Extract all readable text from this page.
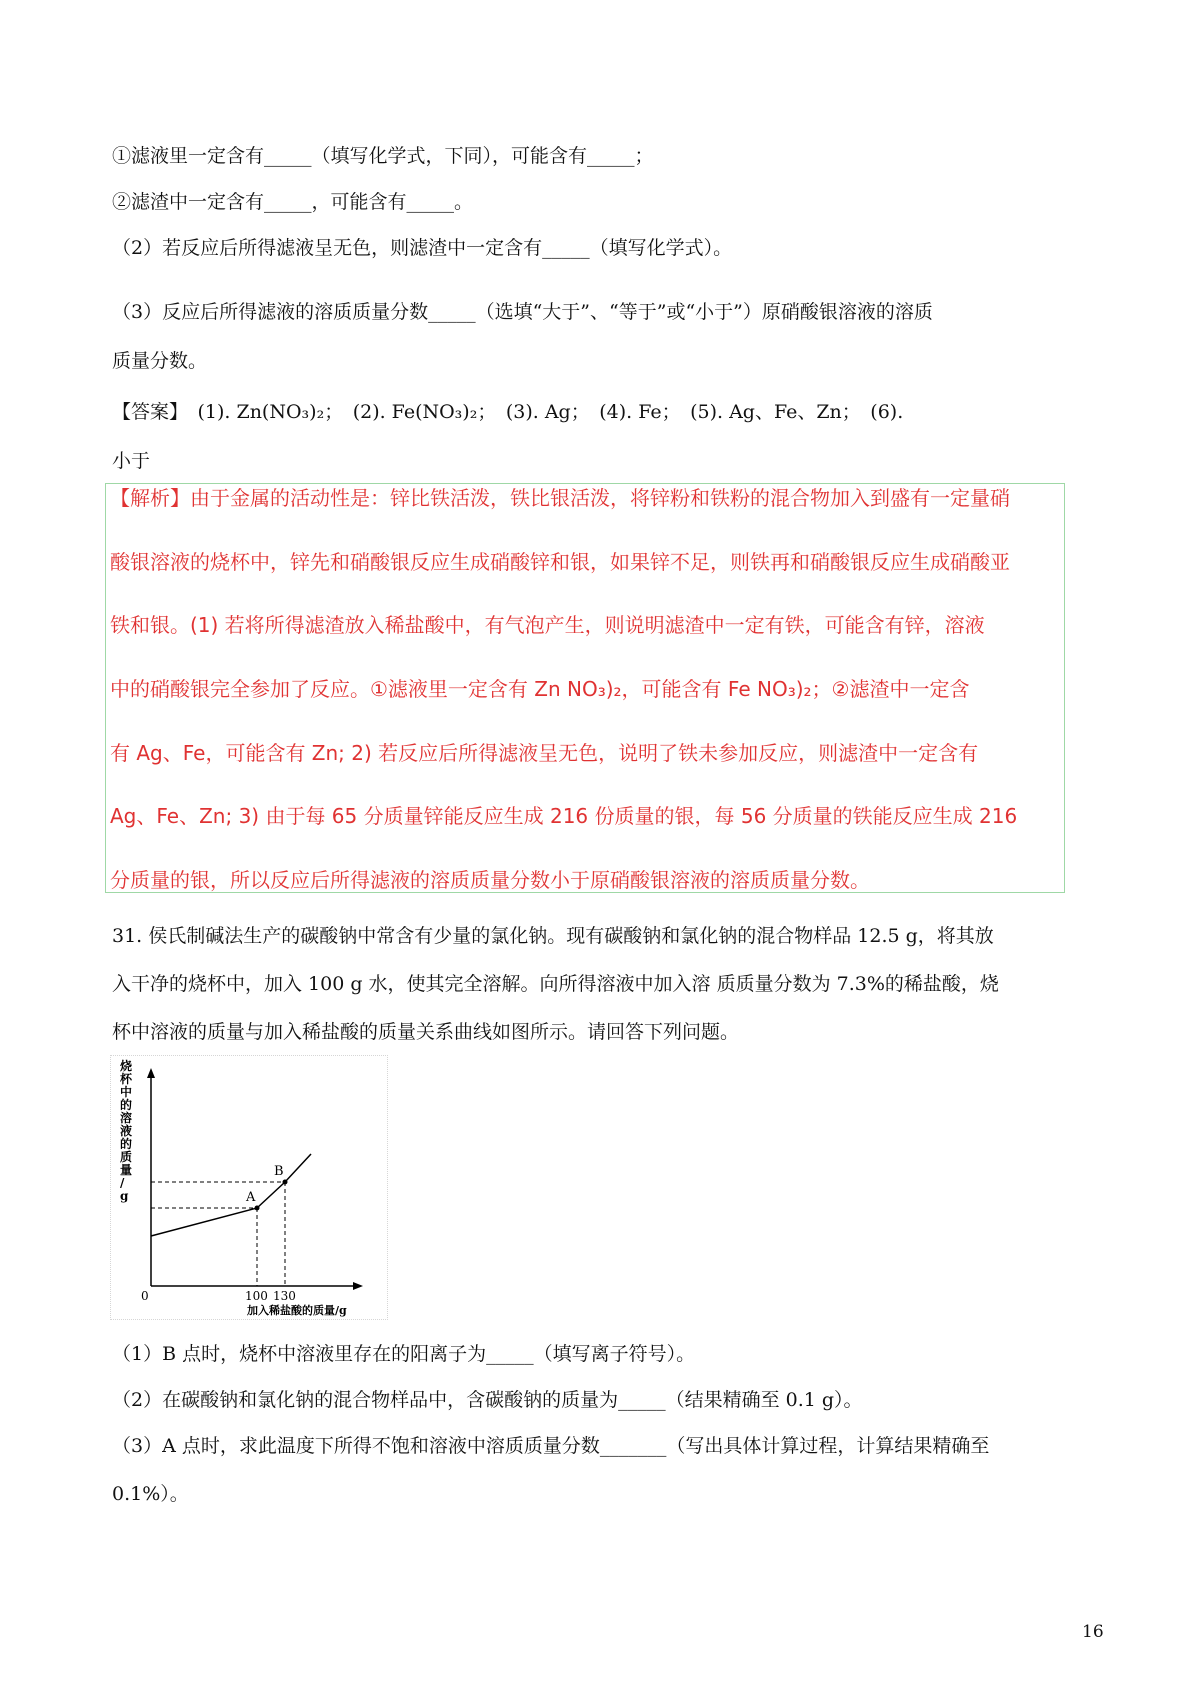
①滤液里一定含有_____（填写化学式，下同），可能含有_____；
②滤渣中一定含有_____，可能含有_____。
（2）若反应后所得滤液呈无色，则滤渣中一定含有_____（填写化学式）。
（3）反应后所得滤液的溶质质量分数_____（选填“大于”、“等于”或“小于”）原硝酸银溶液的溶质
质量分数。
【答案】　(1). Zn(NO₃)₂；　(2). Fe(NO₃)₂；　(3). Ag；　(4). Fe；　(5). Ag、Fe、Zn；　(6).
小于
【解析】由于金属的活动性是：锌比铁活泼，铁比银活泼，将锌粉和铁粉的混合物加入到盛有一定量硝
酸银溶液的烧杯中，锌先和硝酸银反应生成硝酸锌和银，如果锌不足，则铁再和硝酸银反应生成硝酸亚
铁和银。(1) 若将所得滤渣放入稀盐酸中，有气泡产生，则说明滤渣中一定有铁，可能含有锌，溶液
中的硝酸银完全参加了反应。①滤液里一定含有 Zn NO₃)₂，可能含有 Fe NO₃)₂；②滤渣中一定含
有 Ag、Fe，可能含有 Zn; 2) 若反应后所得滤液呈无色，说明了铁未参加反应，则滤渣中一定含有
Ag、Fe、Zn; 3) 由于每 65 分质量锌能反应生成 216 份质量的银，每 56 分质量的铁能反应生成 216
分质量的银，所以反应后所得滤液的溶质质量分数小于原硝酸银溶液的溶质质量分数。
31. 侯氏制碱法生产的碳酸钠中常含有少量的氯化钠。现有碳酸钠和氯化钠的混合物样品 12.5 g，将其放
入干净的烧杯中，加入 100 g 水，使其完全溶解。向所得溶液中加入溶 质质量分数为 7.3%的稀盐酸，烧
杯中溶液的质量与加入稀盐酸的质量关系曲线如图所示。请回答下列问题。
烧杯中的溶液的质量/ g	A
B
0	100 130
加入稀盐酸的质量/g
（1）B 点时，烧杯中溶液里存在的阳离子为_____（填写离子符号）。
（2）在碳酸钠和氯化钠的混合物样品中，含碳酸钠的质量为_____（结果精确至 0.1 g）。
（3）A 点时，求此温度下所得不饱和溶液中溶质质量分数_______（写出具体计算过程，计算结果精确至
0.1%）。
16
